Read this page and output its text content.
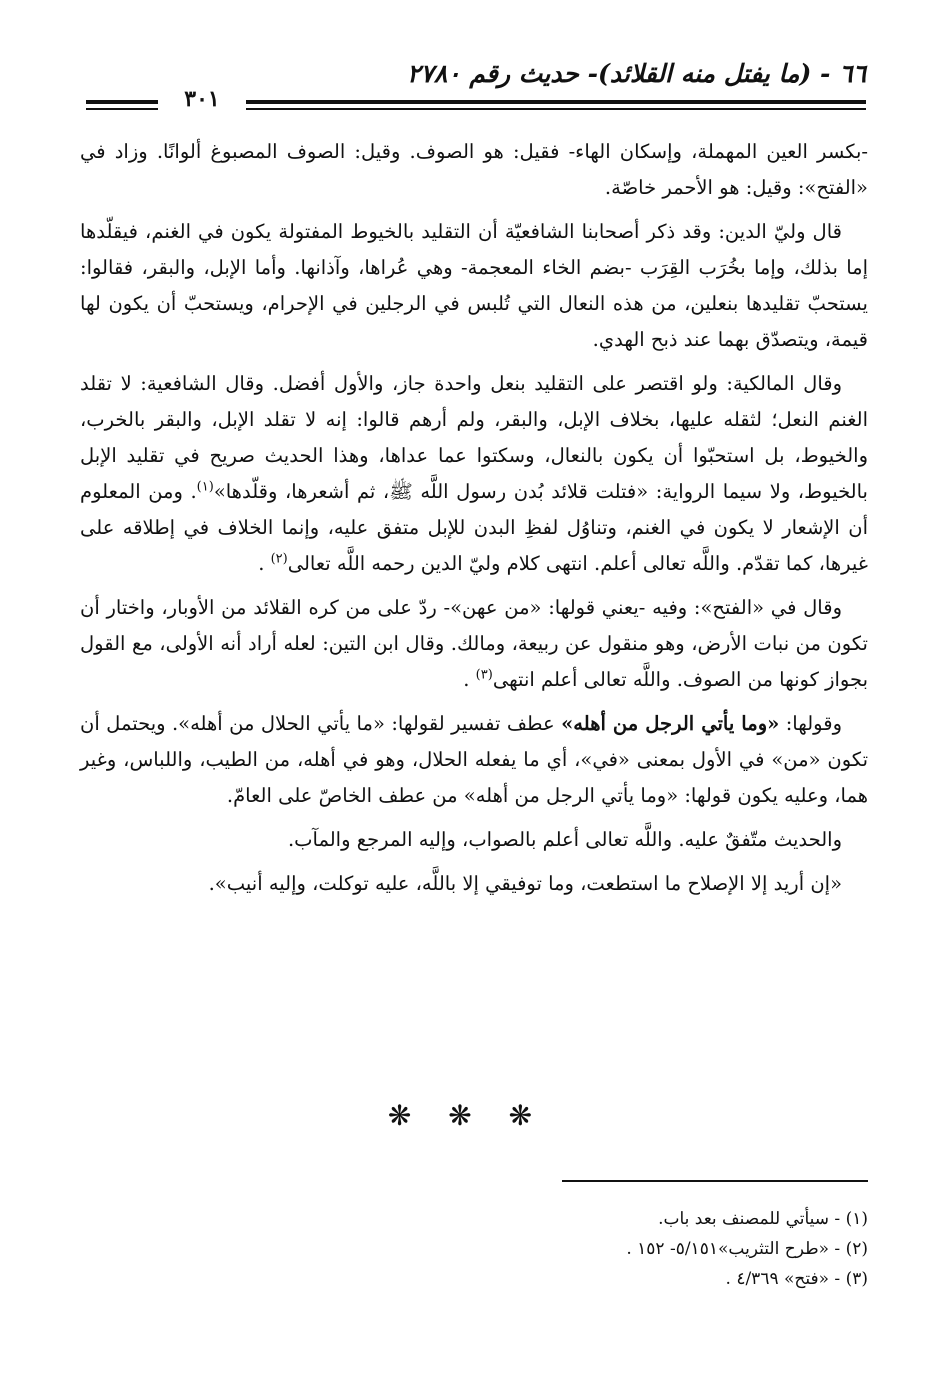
٦٦ - (ما يفتل منه القلائد)- حديث رقم ٢٧٨٠
٣٠١

-بكسر العين المهملة، وإسكان الهاء- فقيل: هو الصوف. وقيل: الصوف المصبوغ ألوانًا. وزاد في «الفتح»: وقيل: هو الأحمر خاصّة.

قال وليّ الدين: وقد ذكر أصحابنا الشافعيّة أن التقليد بالخيوط المفتولة يكون في الغنم، فيقلّدها إما بذلك، وإما بخُرَب القِرَب -بضم الخاء المعجمة- وهي عُراها، وآذانها. وأما الإبل، والبقر، فقالوا: يستحبّ تقليدها بنعلين، من هذه النعال التي تُلبس في الرجلين في الإحرام، ويستحبّ أن يكون لها قيمة، ويتصدّق بهما عند ذبح الهدي.

وقال المالكية: ولو اقتصر على التقليد بنعل واحدة جاز، والأول أفضل. وقال الشافعية: لا تقلد الغنم النعل؛ لثقله عليها، بخلاف الإبل، والبقر، ولم أرهم قالوا: إنه لا تقلد الإبل، والبقر بالخرب، والخيوط، بل استحبّوا أن يكون بالنعال، وسكتوا عما عداها، وهذا الحديث صريح في تقليد الإبل بالخيوط، ولا سيما الرواية: «فتلت قلائد بُدن رسول اللَّه ﷺ، ثم أشعرها، وقلّدها»$^{(١)}$. ومن المعلوم أن الإشعار لا يكون في الغنم، وتناوُل لفظِ البدن للإبل متفق عليه، وإنما الخلاف في إطلاقه على غيرها، كما تقدّم. واللَّه تعالى أعلم. انتهى كلام وليّ الدين رحمه اللَّه تعالى$^{(٢)}$ .

وقال في «الفتح»: وفيه -يعني قولها: «من عهن»- ردّ على من كره القلائد من الأوبار، واختار أن تكون من نبات الأرض، وهو منقول عن ربيعة، ومالك. وقال ابن التين: لعله أراد أنه الأولى، مع القول بجواز كونها من الصوف. واللَّه تعالى أعلم انتهى$^{(٣)}$ .

وقولها: «وما يأتي الرجل من أهله» عطف تفسير لقولها: «ما يأتي الحلال من أهله». ويحتمل أن تكون «من» في الأول بمعنى «في»، أي ما يفعله الحلال، وهو في أهله، من الطيب، واللباس، وغير هما، وعليه يكون قولها: «وما يأتي الرجل من أهله» من عطف الخاصّ على العامّ.

والحديث متّفقٌ عليه. واللَّه تعالى أعلم بالصواب، وإليه المرجع والمآب.

«إن أريد إلا الإصلاح ما استطعت، وما توفيقي إلا باللَّه، عليه توكلت، وإليه أنيب».

❋ ❋ ❋
(١) - سيأتي للمصنف بعد باب.
(٢) - «طرح التثريب»٥/١٥١- ١٥٢ .
(٣) - «فتح» ٤/٣٦٩ .
